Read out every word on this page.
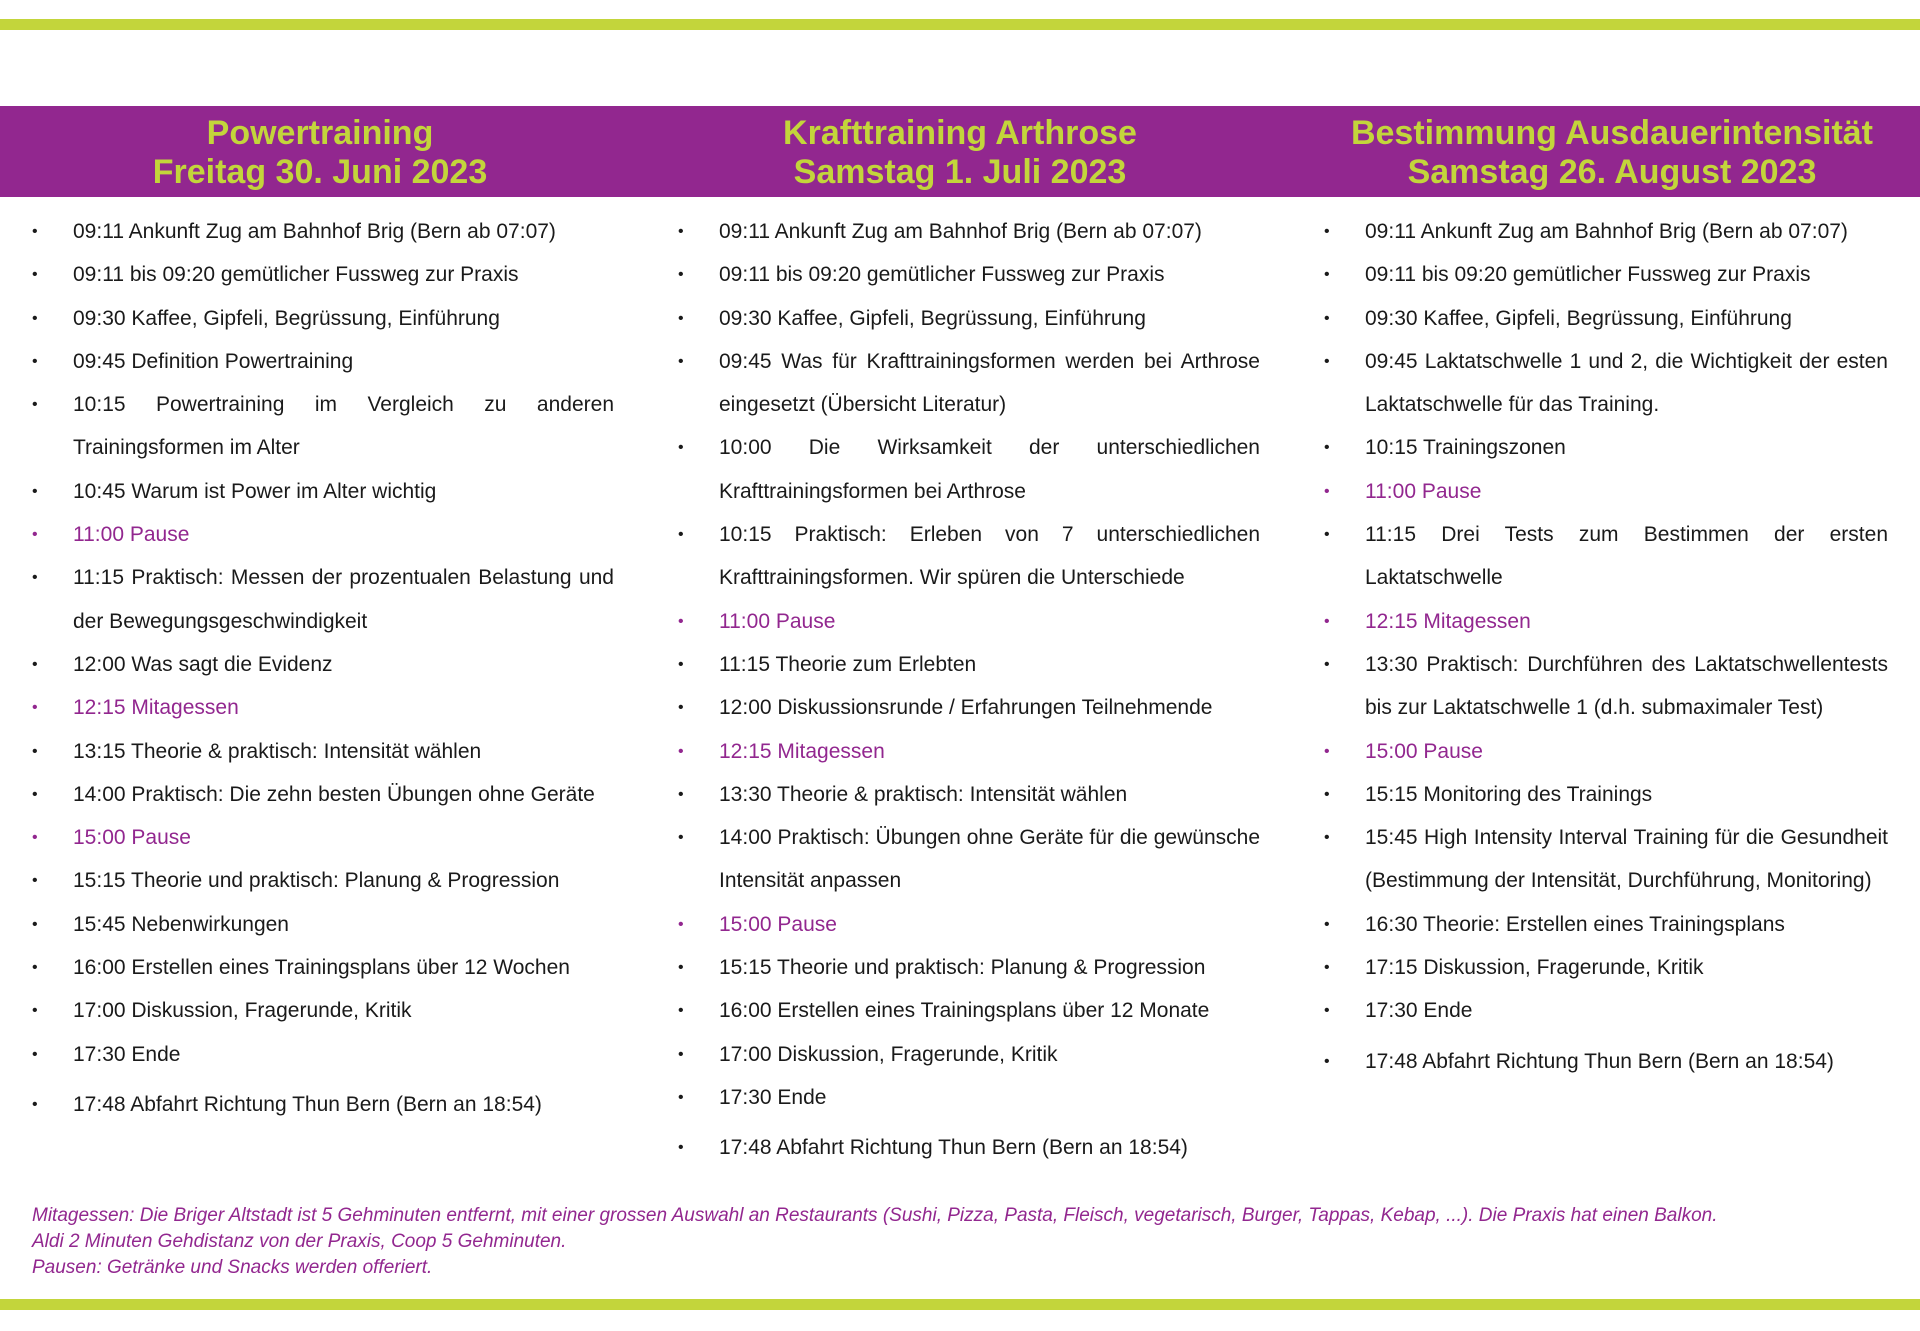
Powertraining
Freitag 30. Juni 2023
Krafttraining Arthrose
Samstag 1. Juli 2023
Bestimmung Ausdauerintensität
Samstag 26. August 2023
• 09:11 Ankunft Zug am Bahnhof Brig (Bern ab 07:07)
• 09:11 bis 09:20 gemütlicher Fussweg zur Praxis
• 09:30 Kaffee, Gipfeli, Begrüssung, Einführung
• 09:45 Definition Powertraining
• 10:15 Powertraining im Vergleich zu anderen Trainingsformen im Alter
• 10:45 Warum ist Power im Alter wichtig
• 11:00 Pause
• 11:15 Praktisch: Messen der prozentualen Belastung und der Bewegungsgeschwindigkeit
• 12:00 Was sagt die Evidenz
• 12:15 Mitagessen
• 13:15 Theorie & praktisch: Intensität wählen
• 14:00 Praktisch: Die zehn besten Übungen ohne Geräte
• 15:00 Pause
• 15:15 Theorie und praktisch: Planung & Progression
• 15:45 Nebenwirkungen
• 16:00 Erstellen eines Trainingsplans über 12 Wochen
• 17:00 Diskussion, Fragerunde, Kritik
• 17:30 Ende
• 17:48 Abfahrt Richtung Thun Bern (Bern an 18:54)
• 09:11 Ankunft Zug am Bahnhof Brig (Bern ab 07:07)
• 09:11 bis 09:20 gemütlicher Fussweg zur Praxis
• 09:30 Kaffee, Gipfeli, Begrüssung, Einführung
• 09:45 Was für Krafttrainingsformen werden bei Arthrose eingesetzt (Übersicht Literatur)
• 10:00 Die Wirksamkeit der unterschiedlichen Krafttrainingsformen bei Arthrose
• 10:15 Praktisch: Erleben von 7 unterschiedlichen Krafttrainingsformen. Wir spüren die Unterschiede
• 11:00 Pause
• 11:15 Theorie zum Erlebten
• 12:00 Diskussionsrunde / Erfahrungen Teilnehmende
• 12:15 Mitagessen
• 13:30 Theorie & praktisch: Intensität wählen
• 14:00 Praktisch: Übungen ohne Geräte für die gewünsche Intensität anpassen
• 15:00 Pause
• 15:15 Theorie und praktisch: Planung & Progression
• 16:00 Erstellen eines Trainingsplans über 12 Monate
• 17:00 Diskussion, Fragerunde, Kritik
• 17:30 Ende
• 17:48 Abfahrt Richtung Thun Bern (Bern an 18:54)
• 09:11 Ankunft Zug am Bahnhof Brig (Bern ab 07:07)
• 09:11 bis 09:20 gemütlicher Fussweg zur Praxis
• 09:30 Kaffee, Gipfeli, Begrüssung, Einführung
• 09:45 Laktatschwelle 1 und 2, die Wichtigkeit der esten Laktatschwelle für das Training.
• 10:15 Trainingszonen
• 11:00 Pause
• 11:15 Drei Tests zum Bestimmen der ersten Laktatschwelle
• 12:15 Mitagessen
• 13:30 Praktisch: Durchführen des Laktatschwellentests bis zur Laktatschwelle 1 (d.h. submaximaler Test)
• 15:00 Pause
• 15:15 Monitoring des Trainings
• 15:45 High Intensity Interval Training für die Gesundheit (Bestimmung der Intensität, Durchführung, Monitoring)
• 16:30 Theorie: Erstellen eines Trainingsplans
• 17:15 Diskussion, Fragerunde, Kritik
• 17:30 Ende
• 17:48 Abfahrt Richtung Thun Bern (Bern an 18:54)
Mitagessen: Die Briger Altstadt ist 5 Gehminuten entfernt, mit einer grossen Auswahl an Restaurants (Sushi, Pizza, Pasta, Fleisch, vegetarisch, Burger, Tappas, Kebap, ...). Die Praxis hat einen Balkon.
Aldi 2 Minuten Gehdistanz von der Praxis, Coop 5 Gehminuten.
Pausen: Getränke und Snacks werden offeriert.
